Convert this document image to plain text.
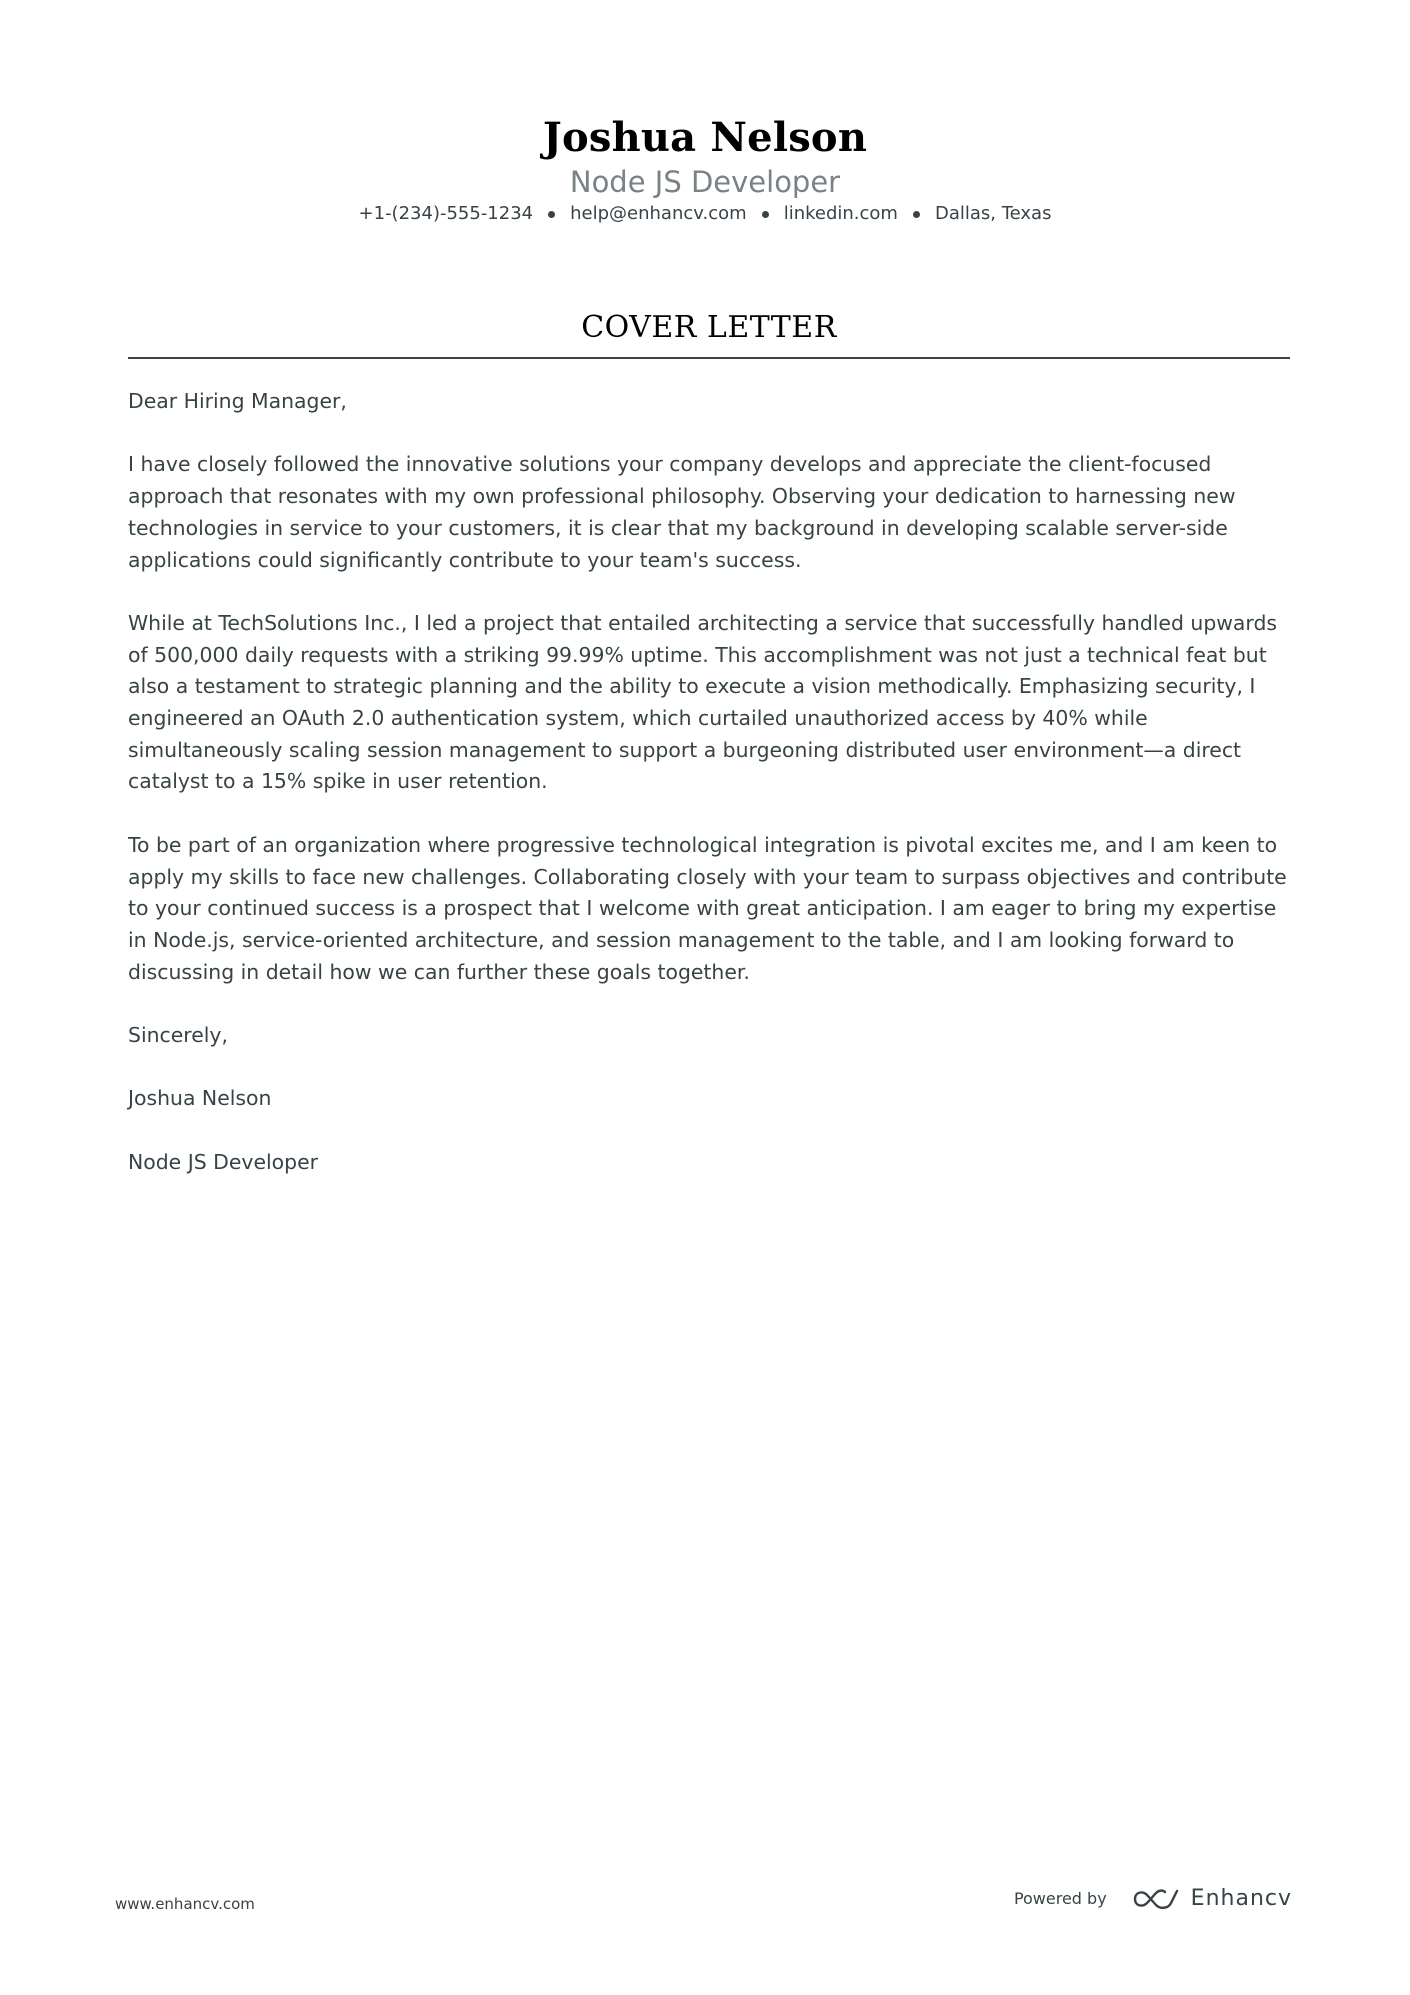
Joshua Nelson
Node JS Developer
+1-(234)-555-1234 help@enhancv.com linkedin.com Dallas, Texas
COVER LETTER

Dear Hiring Manager,

I have closely followed the innovative solutions your company develops and appreciate the client-focused approach that resonates with my own professional philosophy. Observing your dedication to harnessing new technologies in service to your customers, it is clear that my background in developing scalable server-side applications could significantly contribute to your team's success.

While at TechSolutions Inc., I led a project that entailed architecting a service that successfully handled upwards of 500,000 daily requests with a striking 99.99% uptime. This accomplishment was not just a technical feat but also a testament to strategic planning and the ability to execute a vision methodically. Emphasizing security, I engineered an OAuth 2.0 authentication system, which curtailed unauthorized access by 40% while simultaneously scaling session management to support a burgeoning distributed user environment—a direct catalyst to a 15% spike in user retention.

To be part of an organization where progressive technological integration is pivotal excites me, and I am keen to apply my skills to face new challenges. Collaborating closely with your team to surpass objectives and contribute to your continued success is a prospect that I welcome with great anticipation. I am eager to bring my expertise in Node.js, service-oriented architecture, and session management to the table, and I am looking forward to discussing in detail how we can further these goals together.

Sincerely,

Joshua Nelson

Node JS Developer

www.enhancv.com	Powered by	Enhancv
